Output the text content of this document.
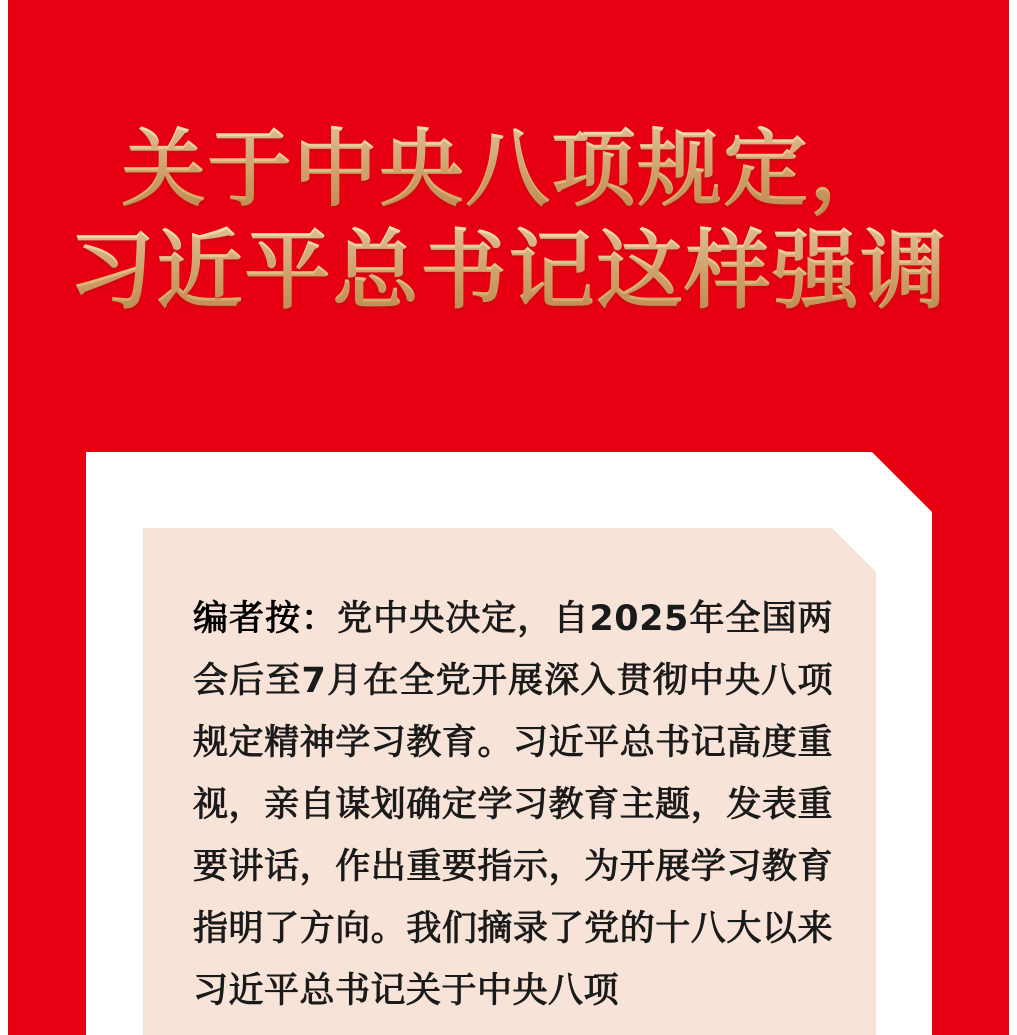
关于中央八项规定，
习近平总书记这样强调
编者按：党中央决定，自2025年全国两会后至7月在全党开展深入贯彻中央八项规定精神学习教育。习近平总书记高度重视，亲自谋划确定学习教育主题，发表重要讲话，作出重要指示，为开展学习教育指明了方向。我们摘录了党的十八大以来习近平总书记关于中央八项
